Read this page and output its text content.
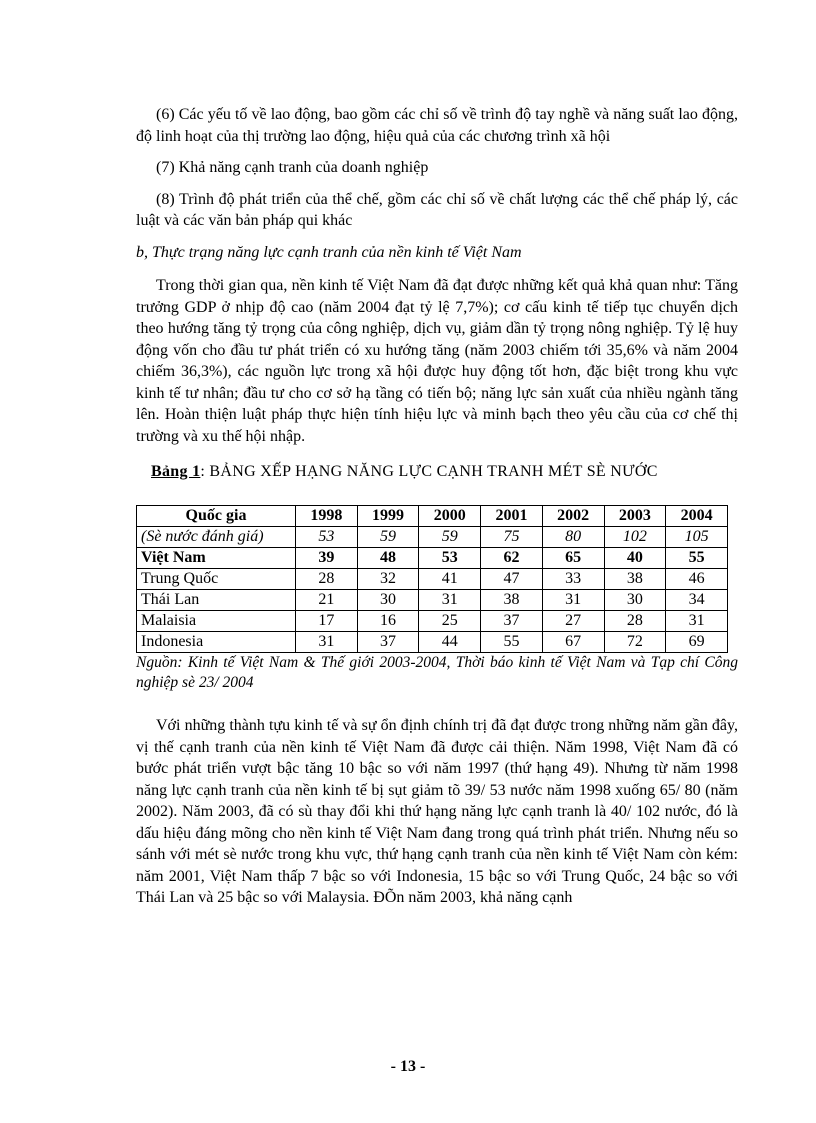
(6) Các yếu tố về lao động, bao gồm các chỉ số về trình độ tay nghề và năng suất lao động, độ linh hoạt của thị trường lao động, hiệu quả của các chương trình xã hội

(7) Khả năng cạnh tranh của doanh nghiệp

(8) Trình độ phát triển của thể chế, gồm các chỉ số về chất lượng các thể chế pháp lý, các luật và các văn bản pháp qui khác

b, Thực trạng năng lực cạnh tranh của nền kinh tế Việt Nam

Trong thời gian qua, nền kinh tế Việt Nam đã đạt được những kết quả khả quan như: Tăng trưởng GDP ở nhịp độ cao (năm 2004 đạt tỷ lệ 7,7%); cơ cấu kinh tế tiếp tục chuyển dịch theo hướng tăng tỷ trọng của công nghiệp, dịch vụ, giảm dần tỷ trọng nông nghiệp. Tỷ lệ huy động vốn cho đầu tư phát triển có xu hướng tăng (năm 2003 chiếm tới 35,6% và năm 2004 chiếm 36,3%), các nguồn lực trong xã hội được huy động tốt hơn, đặc biệt trong khu vực kinh tế tư nhân; đầu tư cho cơ sở hạ tầng có tiến bộ; năng lực sản xuất của nhiều ngành tăng lên. Hoàn thiện luật pháp thực hiện tính hiệu lực và minh bạch theo yêu cầu của cơ chế thị trường và xu thế hội nhập.

Bảng 1: BẢNG XẾP HẠNG NĂNG LỰC CẠNH TRANH MÉT SÈ NƯỚC
Quốc gia	1998	1999	2000	2001	2002	2003	2004
(Sè nước đánh giá)	53	59	59	75	80	102	105
Việt Nam	39	48	53	62	65	40	55
Trung Quốc	28	32	41	47	33	38	46
Thái Lan	21	30	31	38	31	30	34
Malaisia	17	16	25	37	27	28	31
Indonesia	31	37	44	55	67	72	69

Nguồn: Kinh tế Việt Nam & Thế giới 2003-2004, Thời báo kinh tế Việt Nam và Tạp chí Công nghiệp sè 23/ 2004

Với những thành tựu kinh tế và sự ổn định chính trị đã đạt được trong những năm gần đây, vị thế cạnh tranh của nền kinh tế Việt Nam đã được cải thiện. Năm 1998, Việt Nam đã có bước phát triển vượt bậc tăng 10 bậc so với năm 1997 (thứ hạng 49). Nhưng từ năm 1998 năng lực cạnh tranh của nền kinh tế bị sụt giảm tõ 39/ 53 nước năm 1998 xuống 65/ 80 (năm 2002). Năm 2003, đã có sù thay đổi khi thứ hạng năng lực cạnh tranh là 40/ 102 nước, đó là dấu hiệu đáng mõng cho nền kinh tế Việt Nam đang trong quá trình phát triển. Nhưng nếu so sánh với mét sè nước trong khu vực, thứ hạng cạnh tranh của nền kinh tế Việt Nam còn kém: năm 2001, Việt Nam thấp 7 bậc so với Indonesia, 15 bậc so với Trung Quốc, 24 bậc so với Thái Lan và 25 bậc so với Malaysia. ĐÕn năm 2003, khả năng cạnh

- 13 -
